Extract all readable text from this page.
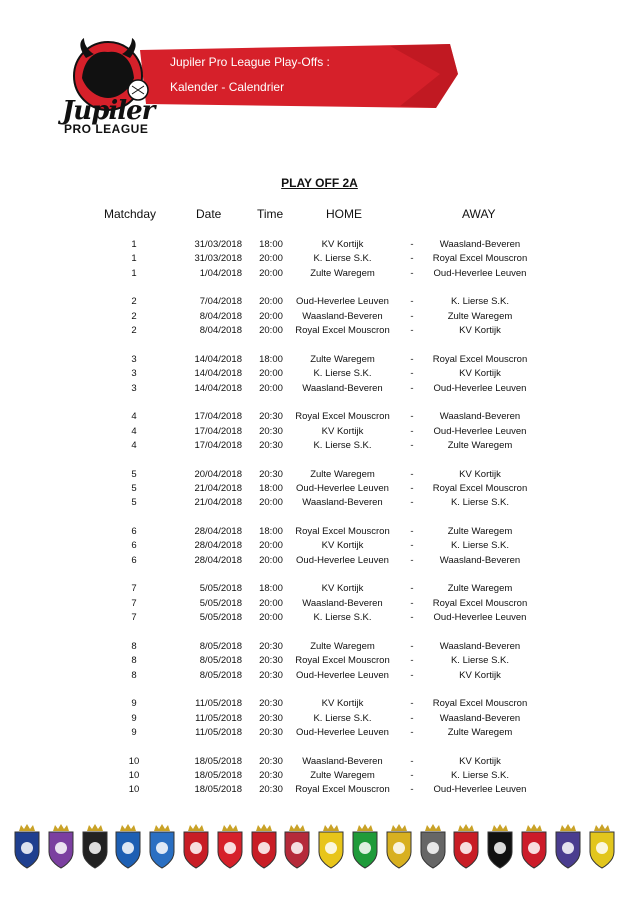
Jupiler Pro League Play-Offs :
Kalender - Calendrier
Jupiler
PRO LEAGUE
PLAY OFF 2A
Matchday	Date	Time	HOME	AWAY
1	31/03/2018	18:00	KV Kortijk	-	Waasland-Beveren
1	31/03/2018	20:00	K. Lierse S.K.	-	Royal Excel Mouscron
1	1/04/2018	20:00	Zulte Waregem	-	Oud-Heverlee Leuven
2	7/04/2018	20:00	Oud-Heverlee Leuven	-	K. Lierse S.K.
2	8/04/2018	20:00	Waasland-Beveren	-	Zulte Waregem
2	8/04/2018	20:00	Royal Excel Mouscron	-	KV Kortijk
3	14/04/2018	18:00	Zulte Waregem	-	Royal Excel Mouscron
3	14/04/2018	20:00	K. Lierse S.K.	-	KV Kortijk
3	14/04/2018	20:00	Waasland-Beveren	-	Oud-Heverlee Leuven
4	17/04/2018	20:30	Royal Excel Mouscron	-	Waasland-Beveren
4	17/04/2018	20:30	KV Kortijk	-	Oud-Heverlee Leuven
4	17/04/2018	20:30	K. Lierse S.K.	-	Zulte Waregem
5	20/04/2018	20:30	Zulte Waregem	-	KV Kortijk
5	21/04/2018	18:00	Oud-Heverlee Leuven	-	Royal Excel Mouscron
5	21/04/2018	20:00	Waasland-Beveren	-	K. Lierse S.K.
6	28/04/2018	18:00	Royal Excel Mouscron	-	Zulte Waregem
6	28/04/2018	20:00	KV Kortijk	-	K. Lierse S.K.
6	28/04/2018	20:00	Oud-Heverlee Leuven	-	Waasland-Beveren
7	5/05/2018	18:00	KV Kortijk	-	Zulte Waregem
7	5/05/2018	20:00	Waasland-Beveren	-	Royal Excel Mouscron
7	5/05/2018	20:00	K. Lierse S.K.	-	Oud-Heverlee Leuven
8	8/05/2018	20:30	Zulte Waregem	-	Waasland-Beveren
8	8/05/2018	20:30	Royal Excel Mouscron	-	K. Lierse S.K.
8	8/05/2018	20:30	Oud-Heverlee Leuven	-	KV Kortijk
9	11/05/2018	20:30	KV Kortijk	-	Royal Excel Mouscron
9	11/05/2018	20:30	K. Lierse S.K.	-	Waasland-Beveren
9	11/05/2018	20:30	Oud-Heverlee Leuven	-	Zulte Waregem
10	18/05/2018	20:30	Waasland-Beveren	-	KV Kortijk
10	18/05/2018	20:30	Zulte Waregem	-	K. Lierse S.K.
10	18/05/2018	20:30	Royal Excel Mouscron	-	Oud-Heverlee Leuven
